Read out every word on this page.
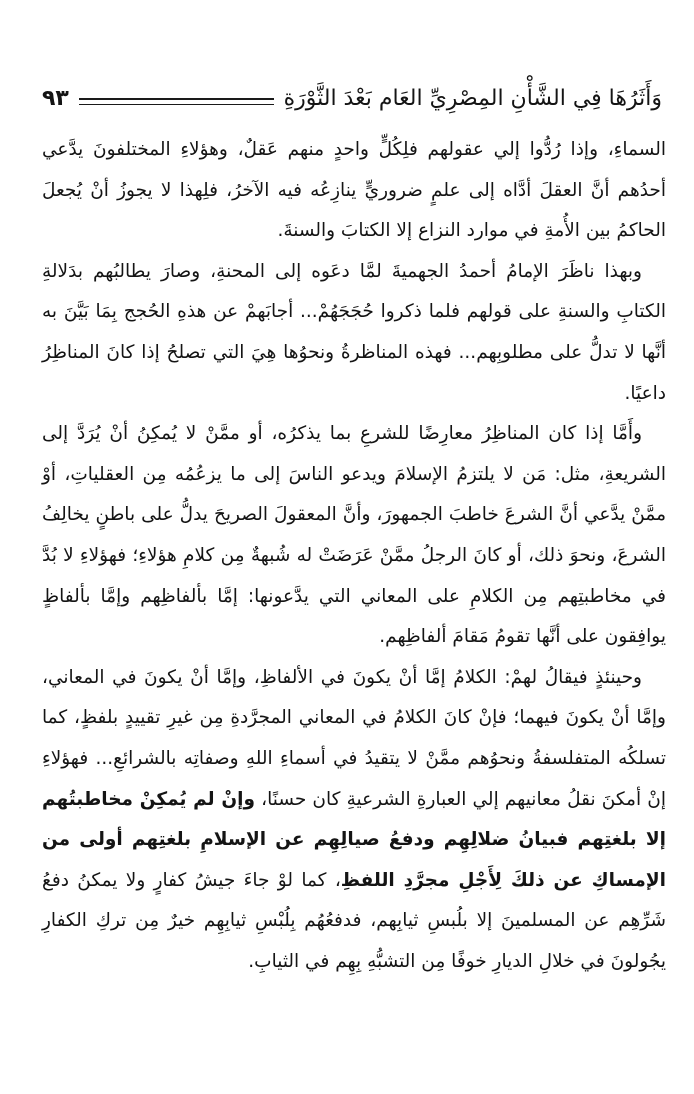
وَأَثَرُهَا فِي الشَّأْنِ المِصْرِيِّ العَام بَعْدَ الثَّوْرَةِ
٩٣

السماءِ، وإذا رُدُّوا إلي عقولهم فلِكُلٍّ واحدٍ منهم عَقلٌ، وهؤلاءِ المختلفونَ يدَّعي أحدُهم أنَّ العقلَ أدَّاه إلى علمٍ ضروريٍّ ينازِعُه فيه الآخرُ، فلِهذا لا يجوزُ أنْ يُجعلَ الحاكمُ بين الأُمةِ في موارد النزاع إلا الكتابَ والسنةَ.

وبهذا ناظَرَ الإمامُ أحمدُ الجهميةَ لمَّا دعَوه إلى المحنةِ، وصارَ يطالبُهم بدَلالةِ الكتابِ والسنةِ على قولهم فلما ذكروا حُجَجَهُمْ... أجابَهمْ عن هذهِ الحُجج بِمَا بَيَّنَ به أنَّها لا تدلُّ على مطلوبِهم... فهذه المناظرةُ ونحوُها هِيَ التي تصلحُ إذا كانَ المناظِرُ داعيًا.

وأَمَّا إذا كان المناظِرُ معارِضًا للشرعِ بما يذكرُه، أو ممَّنْ لا يُمكِنُ أنْ يُرَدَّ إلى الشريعةِ، مثل: مَن لا يلتزمُ الإسلامَ ويدعو الناسَ إلى ما يزعُمُه مِن العقلياتِ، أوْ ممَّنْ يدَّعي أنَّ الشرعَ خاطبَ الجمهورَ، وأنَّ المعقولَ الصريحَ يدلُّ على باطنٍ يخالِفُ الشرعَ، ونحوَ ذلك، أو كانَ الرجلُ ممَّنْ عَرَضَتْ له شُبهةٌ مِن كلامِ هؤلاءِ؛ فهؤلاءِ لا بُدَّ في مخاطبتِهم مِن الكلامِ على المعاني التي يدَّعونها: إمَّا بألفاظِهم وإمَّا بألفاظٍ يوافِقون على أنَّها تقومُ مَقامَ ألفاظِهم.

وحينئذٍ فيقالُ لهمْ: الكلامُ إمَّا أنْ يكونَ في الألفاظِ، وإمَّا أنْ يكونَ في المعاني، وإمَّا أنْ يكونَ فيهما؛ فإنْ كانَ الكلامُ في المعاني المجرَّدةِ مِن غيرِ تقييدٍ بلفظٍ، كما تسلكُه المتفلسفةُ ونحوُهم ممَّنْ لا يتقيدُ في أسماءِ اللهِ وصفاتِه بالشرائعِ... فهؤلاءِ إنْ أمكنَ نقلُ معانيهم إلي العبارةِ الشرعيةِ كان حسنًا، وإنْ لم يُمكِنْ مخاطبتُهم إلا بلغتِهم فبيانُ ضلالِهِم ودفعُ صيالِهِم عن الإسلامِ بلغتِهم أولى من الإمساكِ عن ذلكَ لِأَجْلِ مجرَّدِ اللفظِ، كما لوْ جاءَ جيشُ كفارٍ ولا يمكنُ دفعُ شَرِّهِم عن المسلمينَ إلا بلُبسِ ثيابِهم، فدفعُهُم بِلُبْسِ ثيابِهِم خيرٌ مِن تركِ الكفارِ يجُولونَ في خلالِ الديارِ خوفًا مِن التشبُّهِ بِهِم في الثيابِ.
